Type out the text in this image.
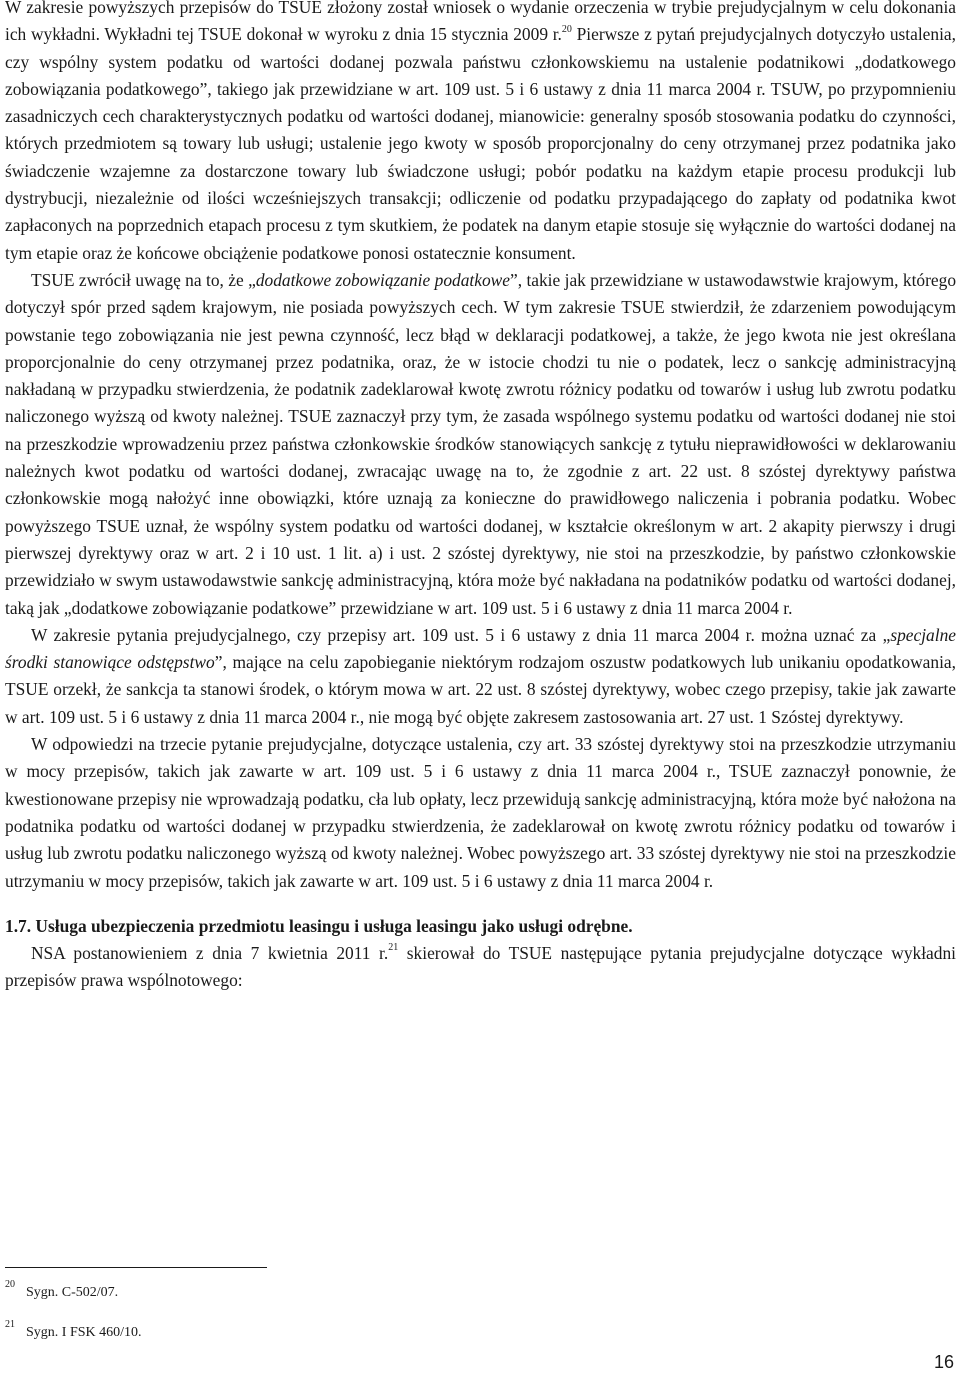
W zakresie powyższych przepisów do TSUE złożony został wniosek o wydanie orzeczenia w trybie prejudycjalnym w celu dokonania ich wykładni. Wykładni tej TSUE dokonał w wyroku z dnia 15 stycznia 2009 r.$^{20}$ Pierwsze z pytań prejudycjalnych dotyczyło ustalenia, czy wspólny system podatku od wartości dodanej pozwala państwu członkowskiemu na ustalenie podatnikowi „dodatkowego zobowiązania podatkowego”, takiego jak przewidziane w art. 109 ust. 5 i 6 ustawy z dnia 11 marca 2004 r. TSUW, po przypomnieniu zasadniczych cech charakterystycznych podatku od wartości dodanej, mianowicie: generalny sposób stosowania podatku do czynności, których przedmiotem są towary lub usługi; ustalenie jego kwoty w sposób proporcjonalny do ceny otrzymanej przez podatnika jako świadczenie wzajemne za dostarczone towary lub świadczone usługi; pobór podatku na każdym etapie procesu produkcji lub dystrybucji, niezależnie od ilości wcześniejszych transakcji; odliczenie od podatku przypadającego do zapłaty od podatnika kwot zapłaconych na poprzednich etapach procesu z tym skutkiem, że podatek na danym etapie stosuje się wyłącznie do wartości dodanej na tym etapie oraz że końcowe obciążenie podatkowe ponosi ostatecznie konsument.

TSUE zwrócił uwagę na to, że „dodatkowe zobowiązanie podatkowe”, takie jak przewidziane w ustawodawstwie krajowym, którego dotyczył spór przed sądem krajowym, nie posiada powyższych cech. W tym zakresie TSUE stwierdził, że zdarzeniem powodującym powstanie tego zobowiązania nie jest pewna czynność, lecz błąd w deklaracji podatkowej, a także, że jego kwota nie jest określana proporcjonalnie do ceny otrzymanej przez podatnika, oraz, że w istocie chodzi tu nie o podatek, lecz o sankcję administracyjną nakładaną w przypadku stwierdzenia, że podatnik zadeklarował kwotę zwrotu różnicy podatku od towarów i usług lub zwrotu podatku naliczonego wyższą od kwoty należnej. TSUE zaznaczył przy tym, że zasada wspólnego systemu podatku od wartości dodanej nie stoi na przeszkodzie wprowadzeniu przez państwa członkowskie środków stanowiących sankcję z tytułu nieprawidłowości w deklarowaniu należnych kwot podatku od wartości dodanej, zwracając uwagę na to, że zgodnie z art. 22 ust. 8 szóstej dyrektywy państwa członkowskie mogą nałożyć inne obowiązki, które uznają za konieczne do prawidłowego naliczenia i pobrania podatku. Wobec powyższego TSUE uznał, że wspólny system podatku od wartości dodanej, w kształcie określonym w art. 2 akapity pierwszy i drugi pierwszej dyrektywy oraz w art. 2 i 10 ust. 1 lit. a) i ust. 2 szóstej dyrektywy, nie stoi na przeszkodzie, by państwo członkowskie przewidziało w swym ustawodawstwie sankcję administracyjną, która może być nakładana na podatników podatku od wartości dodanej, taką jak „dodatkowe zobowiązanie podatkowe” przewidziane w art. 109 ust. 5 i 6 ustawy z dnia 11 marca 2004 r.

W zakresie pytania prejudycjalnego, czy przepisy art. 109 ust. 5 i 6 ustawy z dnia 11 marca 2004 r. można uznać za „specjalne środki stanowiące odstępstwo”, mające na celu zapobieganie niektórym rodzajom oszustw podatkowych lub unikaniu opodatkowania, TSUE orzekł, że sankcja ta stanowi środek, o którym mowa w art. 22 ust. 8 szóstej dyrektywy, wobec czego przepisy, takie jak zawarte w art. 109 ust. 5 i 6 ustawy z dnia 11 marca 2004 r., nie mogą być objęte zakresem zastosowania art. 27 ust. 1 Szóstej dyrektywy.

W odpowiedzi na trzecie pytanie prejudycjalne, dotyczące ustalenia, czy art. 33 szóstej dyrektywy stoi na przeszkodzie utrzymaniu w mocy przepisów, takich jak zawarte w art. 109 ust. 5 i 6 ustawy z dnia 11 marca 2004 r., TSUE zaznaczył ponownie, że kwestionowane przepisy nie wprowadzają podatku, cła lub opłaty, lecz przewidują sankcję administracyjną, która może być nałożona na podatnika podatku od wartości dodanej w przypadku stwierdzenia, że zadeklarował on kwotę zwrotu różnicy podatku od towarów i usług lub zwrotu podatku naliczonego wyższą od kwoty należnej. Wobec powyższego art. 33 szóstej dyrektywy nie stoi na przeszkodzie utrzymaniu w mocy przepisów, takich jak zawarte w art. 109 ust. 5 i 6 ustawy z dnia 11 marca 2004 r.

1.7. Usługa ubezpieczenia przedmiotu leasingu i usługa leasingu jako usługi odrębne.

NSA postanowieniem z dnia 7 kwietnia 2011 r.$^{21}$ skierował do TSUE następujące pytania prejudycjalne dotyczące wykładni przepisów prawa wspólnotowego:

20
Sygn. C-502/07.
21
Sygn. I FSK 460/10.
16
